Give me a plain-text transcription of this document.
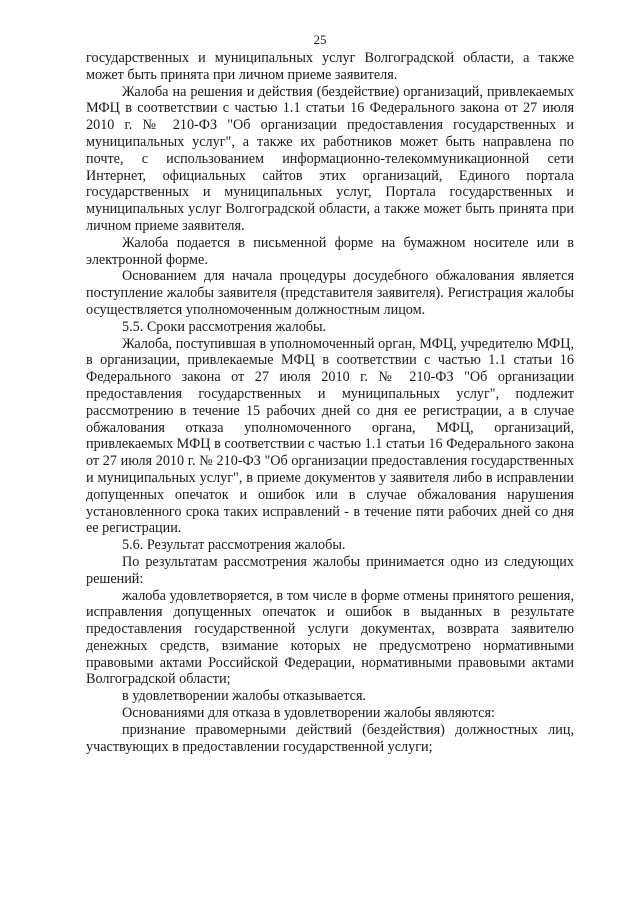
25

государственных и муниципальных услуг Волгоградской области, а также может быть принята при личном приеме заявителя.

Жалоба на решения и действия (бездействие) организаций, привлекаемых МФЦ в соответствии с частью 1.1 статьи 16 Федерального закона от 27 июля 2010 г. № 210-ФЗ "Об организации предоставления государственных и муниципальных услуг", а также их работников может быть направлена по почте, с использованием информационно-телекоммуникационной сети Интернет, официальных сайтов этих организаций, Единого портала государственных и муниципальных услуг, Портала государственных и муниципальных услуг Волгоградской области, а также может быть принята при личном приеме заявителя.

Жалоба подается в письменной форме на бумажном носителе или в электронной форме.

Основанием для начала процедуры досудебного обжалования является поступление жалобы заявителя (представителя заявителя). Регистрация жалобы осуществляется уполномоченным должностным лицом.

5.5. Сроки рассмотрения жалобы.

Жалоба, поступившая в уполномоченный орган, МФЦ, учредителю МФЦ, в организации, привлекаемые МФЦ в соответствии с частью 1.1 статьи 16 Федерального закона от 27 июля 2010 г. № 210-ФЗ "Об организации предоставления государственных и муниципальных услуг", подлежит рассмотрению в течение 15 рабочих дней со дня ее регистрации, а в случае обжалования отказа уполномоченного органа, МФЦ, организаций, привлекаемых МФЦ в соответствии с частью 1.1 статьи 16 Федерального закона от 27 июля 2010 г. № 210-ФЗ "Об организации предоставления государственных и муниципальных услуг", в приеме документов у заявителя либо в исправлении допущенных опечаток и ошибок или в случае обжалования нарушения установленного срока таких исправлений - в течение пяти рабочих дней со дня ее регистрации.

5.6. Результат рассмотрения жалобы.

По результатам рассмотрения жалобы принимается одно из следующих решений:

жалоба удовлетворяется, в том числе в форме отмены принятого решения, исправления допущенных опечаток и ошибок в выданных в результате предоставления государственной услуги документах, возврата заявителю денежных средств, взимание которых не предусмотрено нормативными правовыми актами Российской Федерации, нормативными правовыми актами Волгоградской области;

в удовлетворении жалобы отказывается.

Основаниями для отказа в удовлетворении жалобы являются:

признание правомерными действий (бездействия) должностных лиц, участвующих в предоставлении государственной услуги;
